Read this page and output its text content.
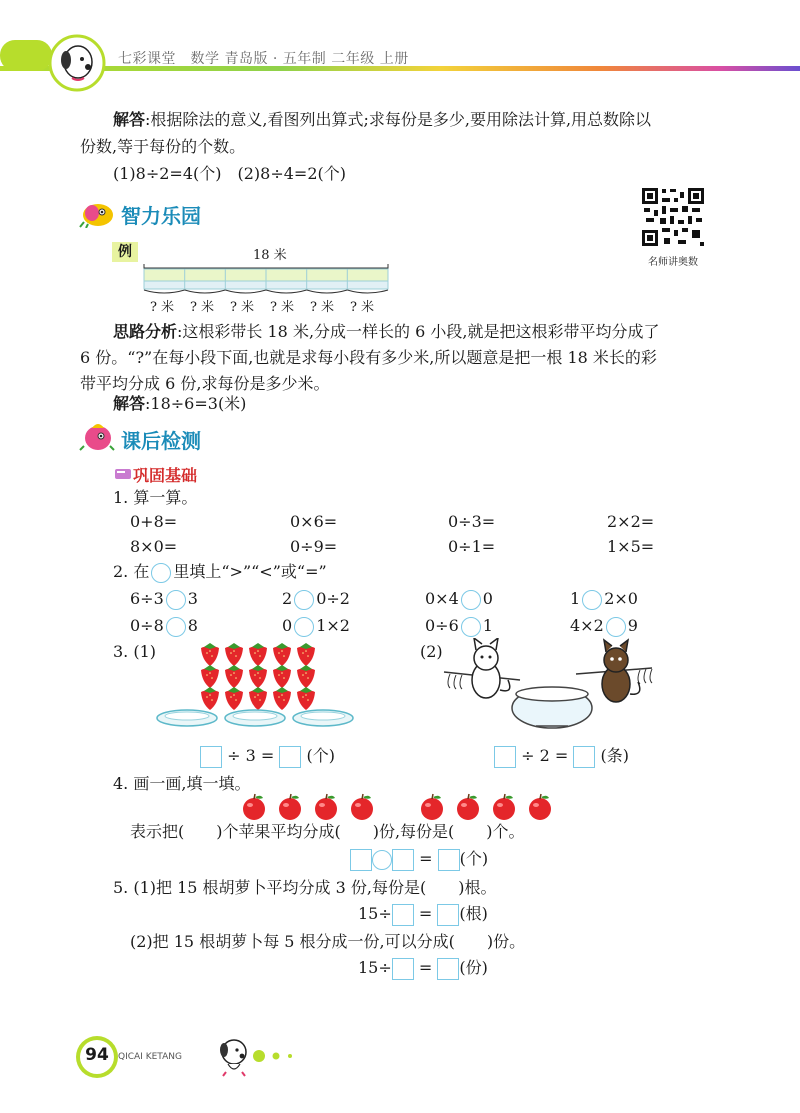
七彩课堂　数学 青岛版 · 五年制 二年级 上册
解答:根据除法的意义,看图列出算式;求每份是多少,要用除法计算,用总数除以
份数,等于每份的个数。
(1)8÷2=4(个)　(2)8÷4=2(个)
名师讲奥数
智力乐园
例	18 米
? 米	? 米	? 米	? 米	? 米	? 米
思路分析:这根彩带长 18 米,分成一样长的 6 小段,就是把这根彩带平均分成了
6 份。“?”在每小段下面,也就是求每小段有多少米,所以题意是把一根 18 米长的彩
带平均分成 6 份,求每份是多少米。
解答:18÷6=3(米)
课后检测
巩固基础
1. 算一算。
0+8=	0×6=	0÷3=	2×2=
8×0=	0÷9=	0÷1=	1×5=
2. 在 里填上“>”“<”或“=”
6÷3 3	2 0÷2	0×4 0	1 2×0
0÷8 8	0 1×2	0÷6 1	4×2 9
3. (1)	(2)
÷ 3 = (个)	÷ 2 = (条)
4. 画一画,填一填。
表示把(　　)个苹果平均分成(　　)份,每份是(　　)个。
= (个)
5. (1)把 15 根胡萝卜平均分成 3 份,每份是(　　)根。
15÷ = (根)
(2)把 15 根胡萝卜每 5 根分成一份,可以分成(　　)份。
15÷ = (份)
94	QICAI KETANG
